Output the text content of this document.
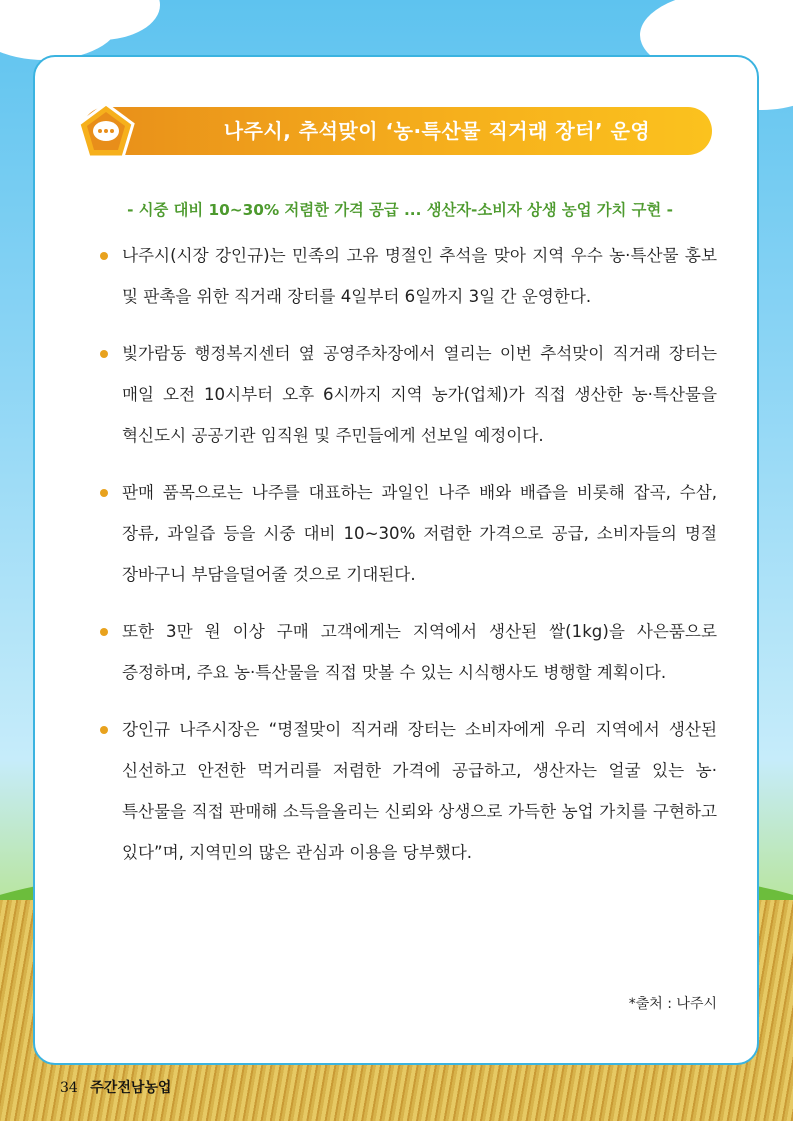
나주시, 추석맞이 ‘농·특산물 직거래 장터’ 운영
- 시중 대비 10~30% 저렴한 가격 공급 ... 생산자-소비자 상생 농업 가치 구현 -
나주시(시장 강인규)는 민족의 고유 명절인 추석을 맞아 지역 우수 농·특산물 홍보 및 판촉을 위한 직거래 장터를 4일부터 6일까지 3일 간 운영한다.
빛가람동 행정복지센터 옆 공영주차장에서 열리는 이번 추석맞이 직거래 장터는 매일 오전 10시부터 오후 6시까지 지역 농가(업체)가 직접 생산한 농·특산물을 혁신도시 공공기관 임직원 및 주민들에게 선보일 예정이다.
판매 품목으로는 나주를 대표하는 과일인 나주 배와 배즙을 비롯해 잡곡, 수삼, 장류, 과일즙 등을 시중 대비 10~30% 저렴한 가격으로 공급, 소비자들의 명절 장바구니 부담을덜어줄 것으로 기대된다.
또한 3만 원 이상 구매 고객에게는 지역에서 생산된 쌀(1kg)을 사은품으로 증정하며, 주요 농·특산물을 직접 맛볼 수 있는 시식행사도 병행할 계획이다.
강인규 나주시장은 “명절맞이 직거래 장터는 소비자에게 우리 지역에서 생산된 신선하고 안전한 먹거리를 저렴한 가격에 공급하고, 생산자는 얼굴 있는 농·특산물을 직접 판매해 소득을올리는 신뢰와 상생으로 가득한 농업 가치를 구현하고 있다”며, 지역민의 많은 관심과 이용을 당부했다.
*출처 : 나주시
34 주간전남농업
